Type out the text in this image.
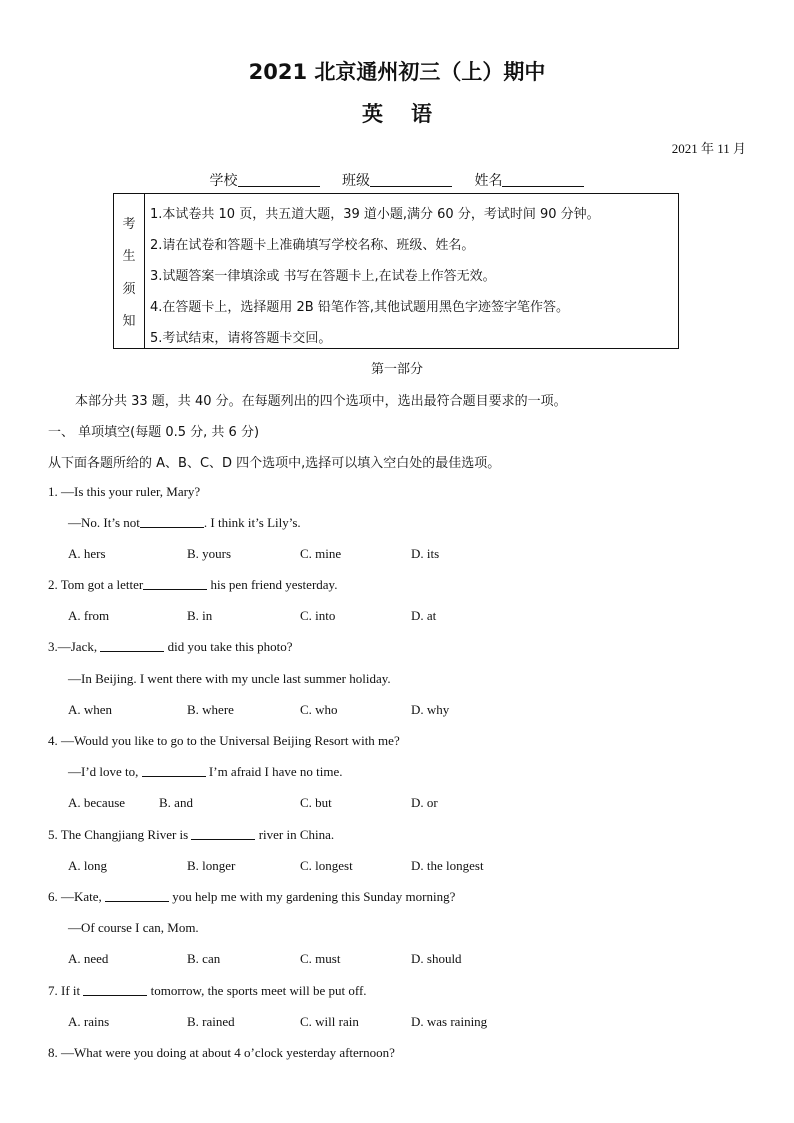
2021 北京通州初三（上）期中
英语
2021 年 11 月
学校	班级	姓名
考
生
须
知
1.本试卷共 10 页，共五道大题，39 道小题,满分 60 分，考试时间 90 分钟。
2.请在试卷和答题卡上准确填写学校名称、班级、姓名。
3.试题答案一律填涂或 书写在答题卡上,在试卷上作答无效。
4.在答题卡上，选择题用 2B 铅笔作答,其他试题用黑色字迹签字笔作答。
5.考试结束，请将答题卡交回。
第一部分
本部分共 33 题，共 40 分。在每题列出的四个选项中，选出最符合题目要求的一项。
一、 单项填空(每题 0.5 分, 共 6 分)
从下面各题所给的 A、B、C、D 四个选项中,选择可以填入空白处的最佳选项。
1. —Is this your ruler, Mary?
—No. It’s not	. I think it’s Lily’s.
A. hers	B. yours	C. mine	D. its
2. Tom got a letter	his pen friend yesterday.
A. from	B. in	C. into	D. at
3.—Jack,	did you take this photo?
—In Beijing. I went there with my uncle last summer holiday.
A. when	B. where	C. who	D. why
4. —Would you like to go to the Universal Beijing Resort with me?
—I’d love to,	I’m afraid I have no time.
A. because	B. and	C. but	D. or
5. The Changjiang River is	river in China.
A. long	B. longer	C. longest	D. the longest
6. —Kate,	you help me with my gardening this Sunday morning?
—Of course I can, Mom.
A. need	B. can	C. must	D. should
7. If it	tomorrow, the sports meet will be put off.
A. rains	B. rained	C. will rain	D. was raining
8. —What were you doing at about 4 o’clock yesterday afternoon?
